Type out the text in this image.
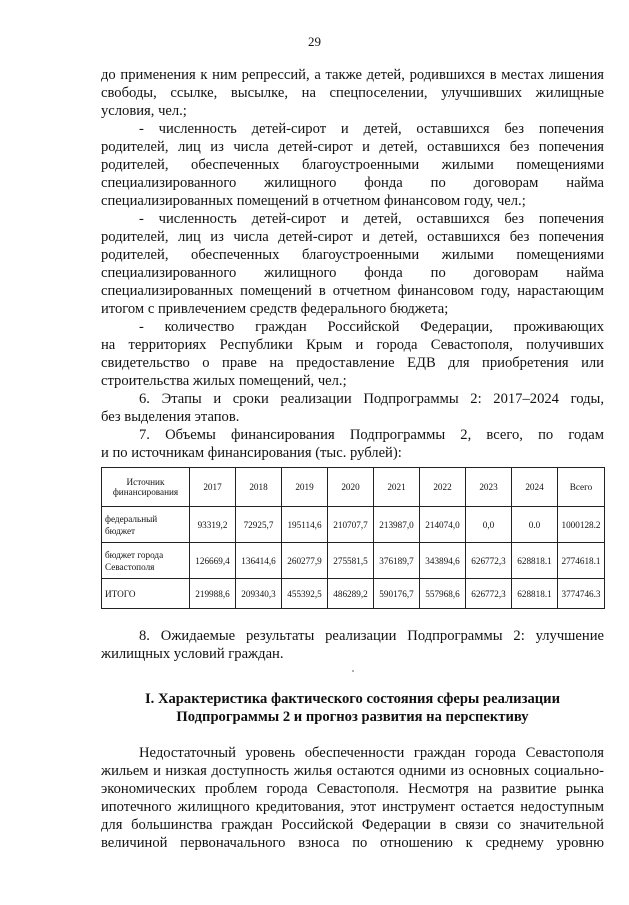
29
до применения к ним репрессий, а также детей, родившихся в местах лишения
свободы, ссылке, высылке, на спецпоселении, улучшивших жилищные
условия, чел.;
- численность детей-сирот и детей, оставшихся без попечения
родителей, лиц из числа детей-сирот и детей, оставшихся без попечения
родителей, обеспеченных благоустроенными жилыми помещениями
специализированного жилищного фонда по договорам найма
специализированных помещений в отчетном финансовом году, чел.;
- численность детей-сирот и детей, оставшихся без попечения
родителей, лиц из числа детей-сирот и детей, оставшихся без попечения
родителей, обеспеченных благоустроенными жилыми помещениями
специализированного жилищного фонда по договорам найма
специализированных помещений в отчетном финансовом году, нарастающим
итогом с привлечением средств федерального бюджета;
- количество граждан Российской Федерации, проживающих
на территориях Республики Крым и города Севастополя, получивших
свидетельство о праве на предоставление ЕДВ для приобретения или
строительства жилых помещений, чел.;
6. Этапы и сроки реализации Подпрограммы 2: 2017–2024 годы,
без выделения этапов.
7. Объемы финансирования Подпрограммы 2, всего, по годам
и по источникам финансирования (тыс. рублей):
Источник финансирования	2017	2018	2019	2020	2021	2022	2023	2024	Всего
федеральный бюджет	93319,2	72925,7	195114,6	210707,7	213987,0	214074,0	0,0	0.0	1000128.2
бюджет города Севастополя	126669,4	136414,6	260277,9	275581,5	376189,7	343894,6	626772,3	628818.1	2774618.1
ИТОГО	219988,6	209340,3	455392,5	486289,2	590176,7	557968,6	626772,3	628818.1	3774746.3
8. Ожидаемые результаты реализации Подпрограммы 2: улучшение
жилищных условий граждан.
I. Характеристика фактического состояния сферы реализации
Подпрограммы 2 и прогноз развития на перспективу
Недостаточный уровень обеспеченности граждан города Севастополя
жильем и низкая доступность жилья остаются одними из основных социально-
экономических проблем города Севастополя. Несмотря на развитие рынка
ипотечного жилищного кредитования, этот инструмент остается недоступным
для большинства граждан Российской Федерации в связи со значительной
величиной первоначального взноса по отношению к среднему уровню
